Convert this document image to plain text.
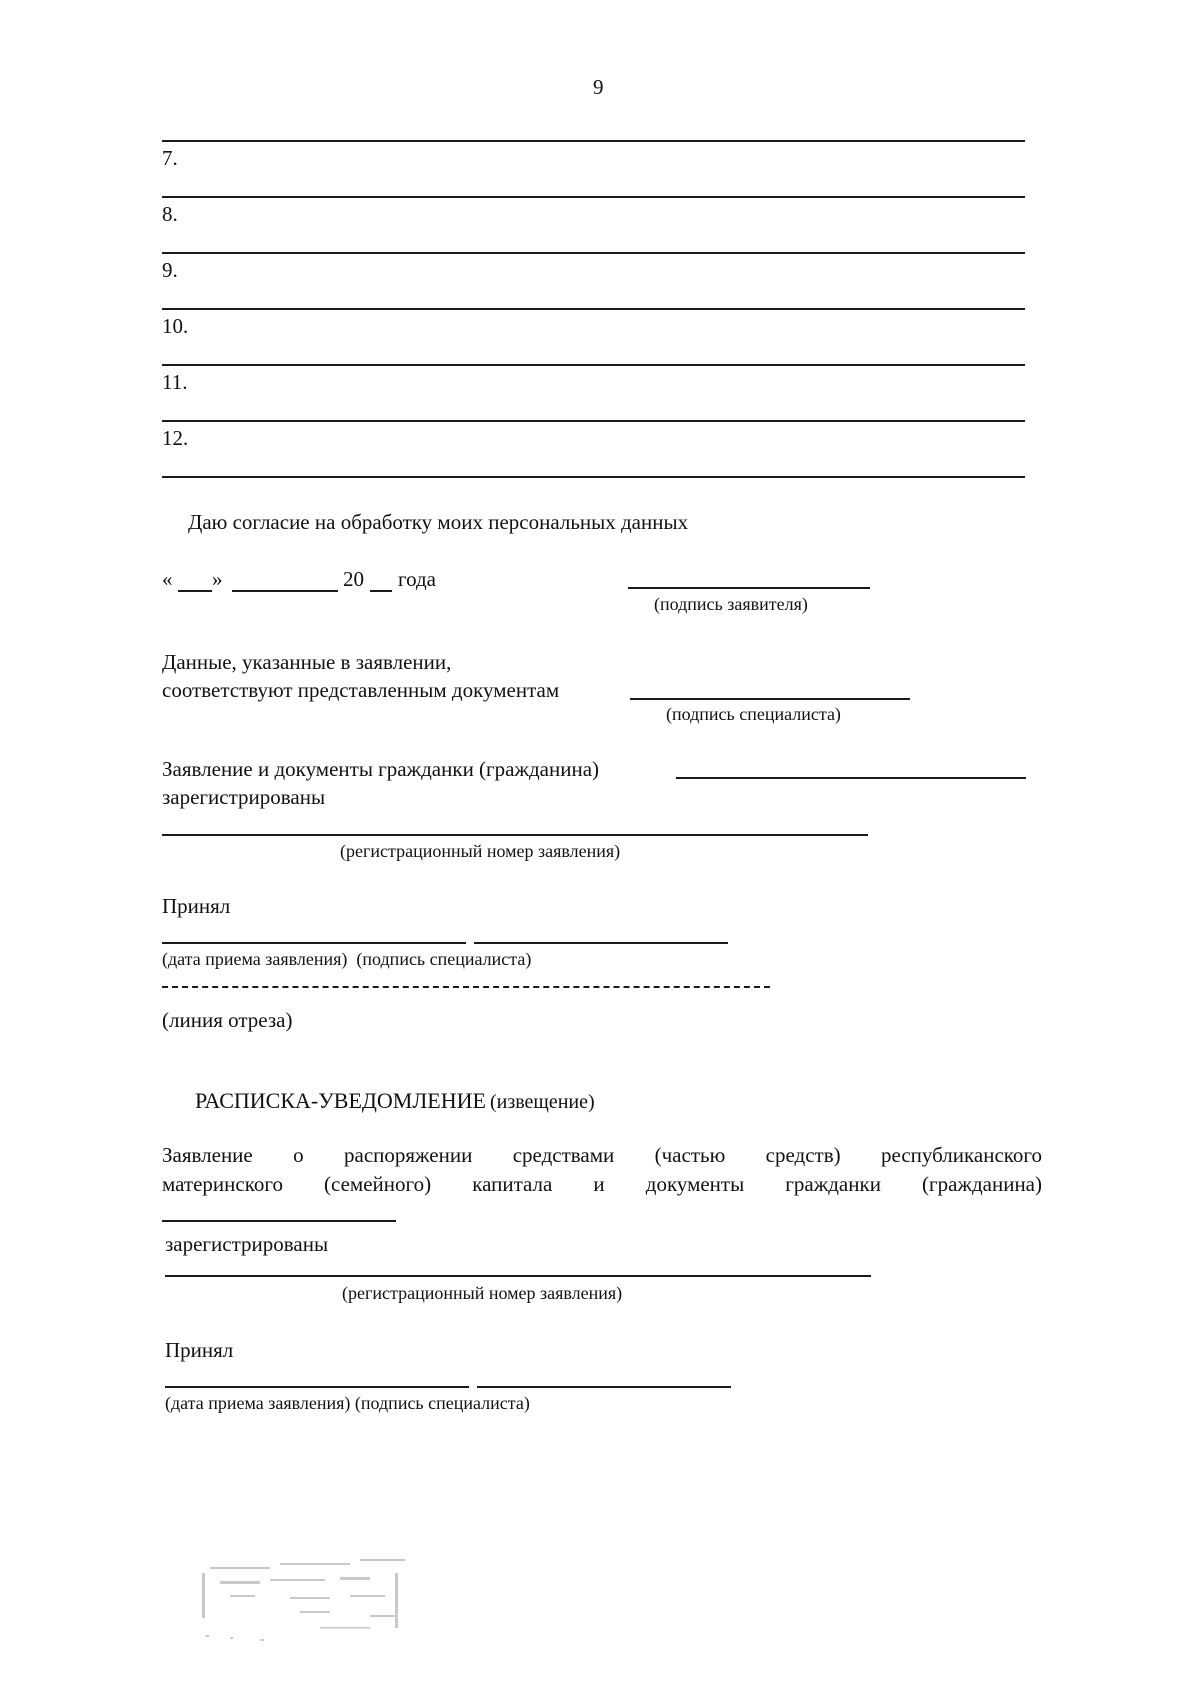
9
7.
8.
9.
10.
11.
12.
Даю согласие на обработку моих персональных данных
« »	20 года
(подпись заявителя)
Данные, указанные в заявлении,
соответствуют представленным документам
(подпись специалиста)
Заявление и документы гражданки (гражданина)
зарегистрированы
(регистрационный номер заявления)
Принял
(дата приема заявления)  (подпись специалиста)
(линия отреза)
РАСПИСКА-УВЕДОМЛЕНИЕ (извещение)
Заявление о распоряжении средствами (частью средств) республиканского
материнского (семейного) капитала и документы гражданки (гражданина)
зарегистрированы
(регистрационный номер заявления)
Принял
(дата приема заявления) (подпись специалиста)
